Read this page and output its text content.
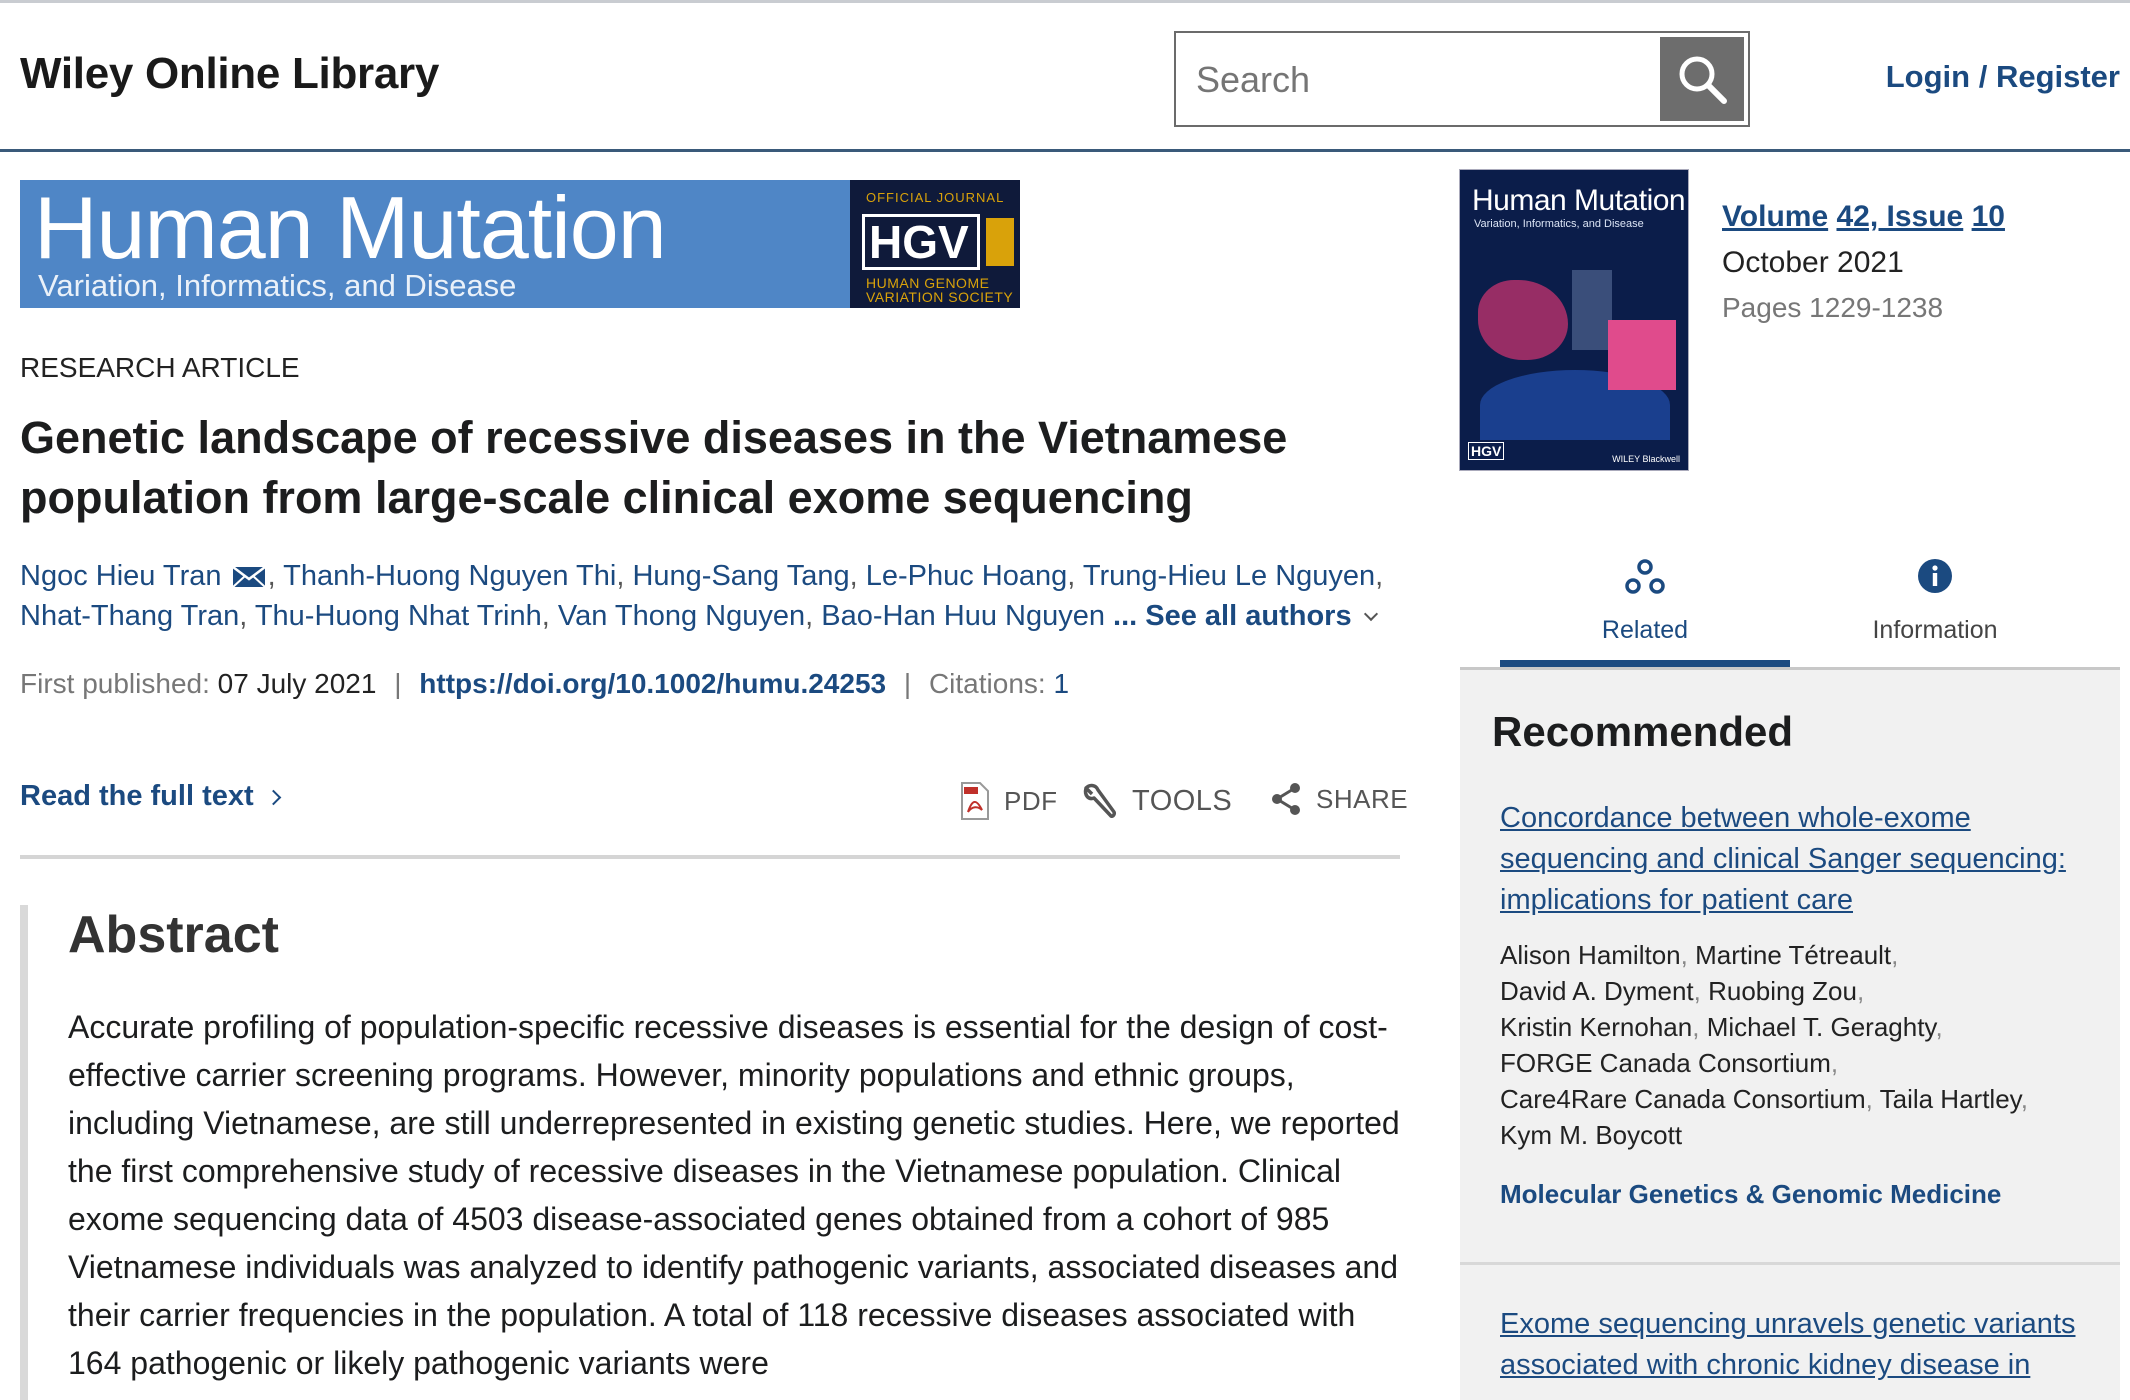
Wiley Online Library
Search	Login / Register
Human Mutation
Variation, Informatics, and Disease
OFFICIAL JOURNAL
HGV
HUMAN GENOME
VARIATION SOCIETY
RESEARCH ARTICLE
Genetic landscape of recessive diseases in the Vietnamese population from large-scale clinical exome sequencing
Ngoc Hieu Tran , Thanh-Huong Nguyen Thi, Hung-Sang Tang, Le-Phuc Hoang, Trung-Hieu Le Nguyen,
Nhat-Thang Tran, Thu-Huong Nhat Trinh, Van Thong Nguyen, Bao-Han Huu Nguyen ... See all authors
First published: 07 July 2021 | https://doi.org/10.1002/humu.24253 | Citations: 1
Read the full text	PDF	TOOLS	SHARE
Abstract

Accurate profiling of population-specific recessive diseases is essential for the design of cost-effective carrier screening programs. However, minority populations and ethnic groups, including Vietnamese, are still underrepresented in existing genetic studies. Here, we reported the first comprehensive study of recessive diseases in the Vietnamese population. Clinical exome sequencing data of 4503 disease-associated genes obtained from a cohort of 985 Vietnamese individuals was analyzed to identify pathogenic variants, associated diseases and their carrier frequencies in the population. A total of 118 recessive diseases associated with 164 pathogenic or likely pathogenic variants were

Human Mutation
Variation, Informatics, and Disease
HGV	WILEY Blackwell
Volume 42, Issue 10
October 2021
Pages 1229-1238
Related	Information
Recommended
Concordance between whole-exome sequencing and clinical Sanger sequencing: implications for patient care
Alison Hamilton, Martine Tétreault,
David A. Dyment, Ruobing Zou,
Kristin Kernohan, Michael T. Geraghty,
FORGE Canada Consortium,
Care4Rare Canada Consortium, Taila Hartley,
Kym M. Boycott
Molecular Genetics & Genomic Medicine
Exome sequencing unravels genetic variants associated with chronic kidney disease in
